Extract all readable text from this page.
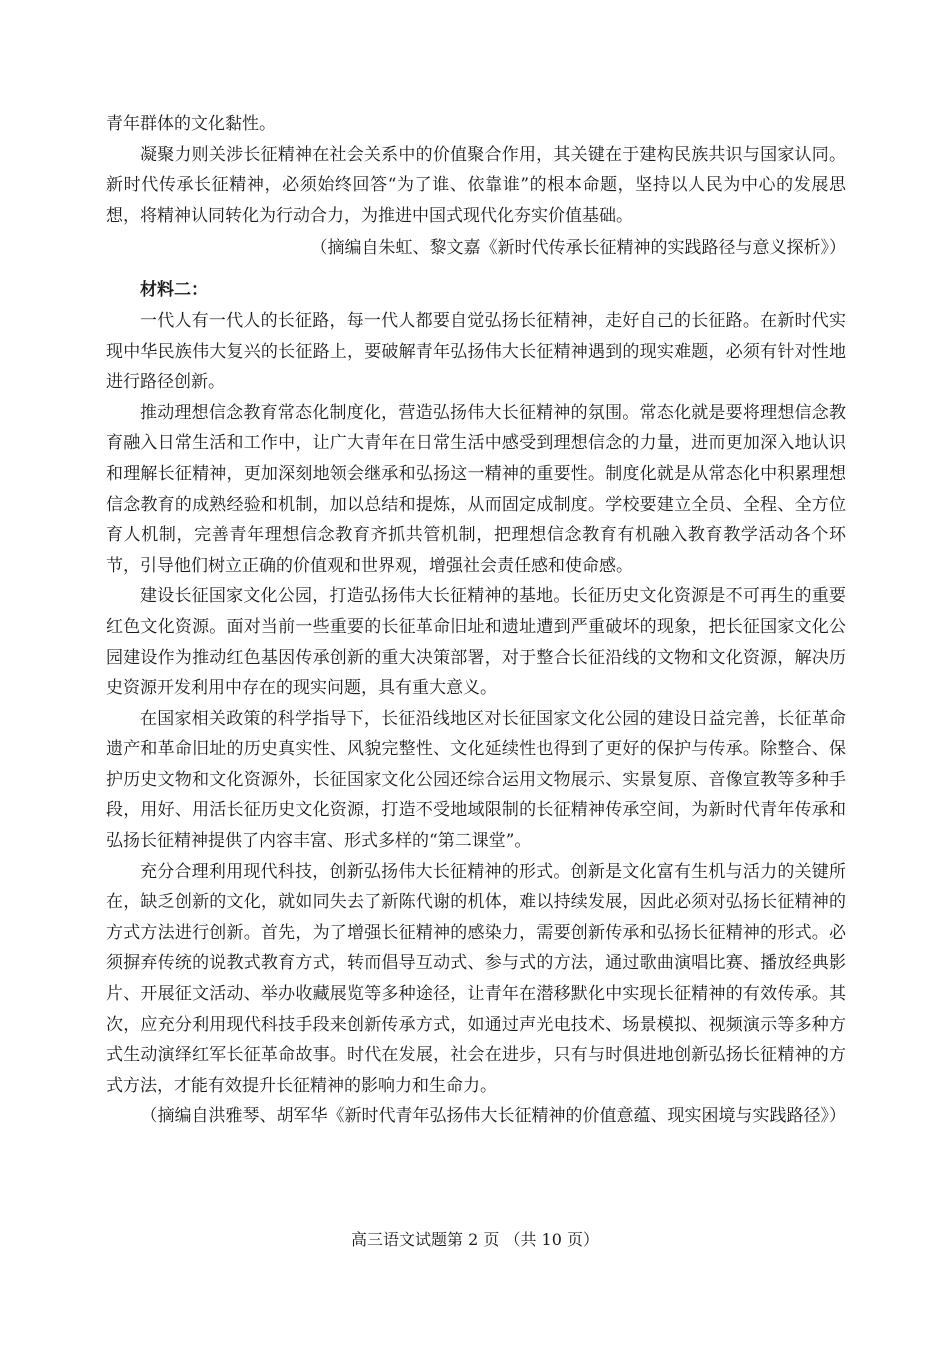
青年群体的文化黏性。

凝聚力则关涉长征精神在社会关系中的价值聚合作用，其关键在于建构民族共识与国家认同。新时代传承长征精神，必须始终回答“为了谁、依靠谁”的根本命题，坚持以人民为中心的发展思想，将精神认同转化为行动合力，为推进中国式现代化夯实价值基础。

（摘编自朱虹、黎文嘉《新时代传承长征精神的实践路径与意义探析》）

材料二：

一代人有一代人的长征路，每一代人都要自觉弘扬长征精神，走好自己的长征路。在新时代实现中华民族伟大复兴的长征路上，要破解青年弘扬伟大长征精神遇到的现实难题，必须有针对性地进行路径创新。

推动理想信念教育常态化制度化，营造弘扬伟大长征精神的氛围。常态化就是要将理想信念教育融入日常生活和工作中，让广大青年在日常生活中感受到理想信念的力量，进而更加深入地认识和理解长征精神，更加深刻地领会继承和弘扬这一精神的重要性。制度化就是从常态化中积累理想信念教育的成熟经验和机制，加以总结和提炼，从而固定成制度。学校要建立全员、全程、全方位育人机制，完善青年理想信念教育齐抓共管机制，把理想信念教育有机融入教育教学活动各个环节，引导他们树立正确的价值观和世界观，增强社会责任感和使命感。

建设长征国家文化公园，打造弘扬伟大长征精神的基地。长征历史文化资源是不可再生的重要红色文化资源。面对当前一些重要的长征革命旧址和遗址遭到严重破坏的现象，把长征国家文化公园建设作为推动红色基因传承创新的重大决策部署，对于整合长征沿线的文物和文化资源，解决历史资源开发利用中存在的现实问题，具有重大意义。

在国家相关政策的科学指导下，长征沿线地区对长征国家文化公园的建设日益完善，长征革命遗产和革命旧址的历史真实性、风貌完整性、文化延续性也得到了更好的保护与传承。除整合、保护历史文物和文化资源外，长征国家文化公园还综合运用文物展示、实景复原、音像宣教等多种手段，用好、用活长征历史文化资源，打造不受地域限制的长征精神传承空间，为新时代青年传承和弘扬长征精神提供了内容丰富、形式多样的“第二课堂”。

充分合理利用现代科技，创新弘扬伟大长征精神的形式。创新是文化富有生机与活力的关键所在，缺乏创新的文化，就如同失去了新陈代谢的机体，难以持续发展，因此必须对弘扬长征精神的方式方法进行创新。首先，为了增强长征精神的感染力，需要创新传承和弘扬长征精神的形式。必须摒弃传统的说教式教育方式，转而倡导互动式、参与式的方法，通过歌曲演唱比赛、播放经典影片、开展征文活动、举办收藏展览等多种途径，让青年在潜移默化中实现长征精神的有效传承。其次，应充分利用现代科技手段来创新传承方式，如通过声光电技术、场景模拟、视频演示等多种方式生动演绎红军长征革命故事。时代在发展，社会在进步，只有与时俱进地创新弘扬长征精神的方式方法，才能有效提升长征精神的影响力和生命力。

（摘编自洪雅琴、胡军华《新时代青年弘扬伟大长征精神的价值意蕴、现实困境与实践路径》）

高三语文试题第 2 页 （共 10 页）
